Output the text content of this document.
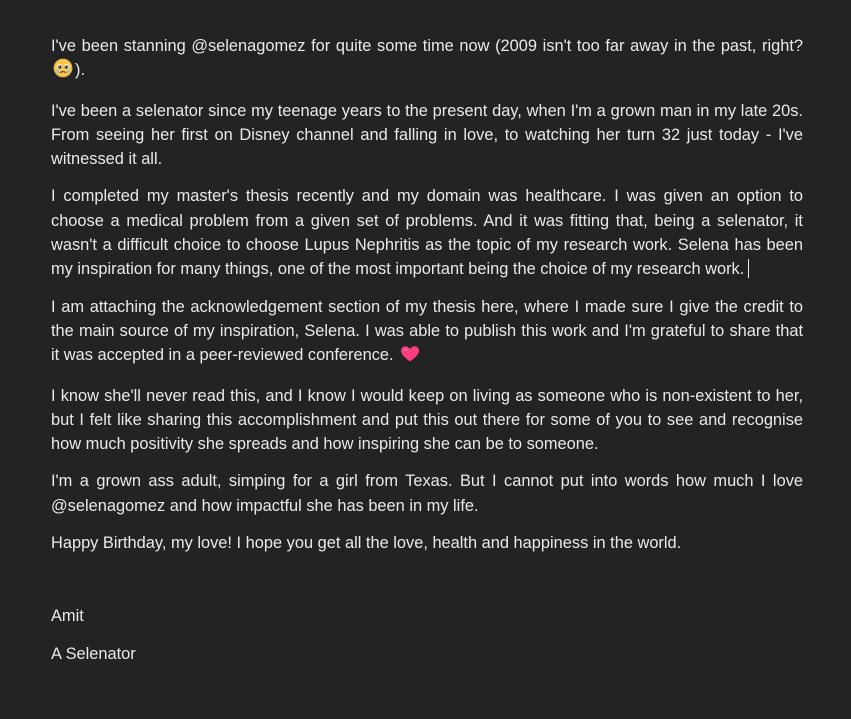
I've been stanning @selenagomez for quite some time now (2009 isn't too far away in the past, right? ).

I've been a selenator since my teenage years to the present day, when I'm a grown man in my late 20s. From seeing her first on Disney channel and falling in love, to watching her turn 32 just today - I've witnessed it all.

I completed my master's thesis recently and my domain was healthcare. I was given an option to choose a medical problem from a given set of problems. And it was fitting that, being a selenator, it wasn't a difficult choice to choose Lupus Nephritis as the topic of my research work. Selena has been my inspiration for many things, one of the most important being the choice of my research work.

I am attaching the acknowledgement section of my thesis here, where I made sure I give the credit to the main source of my inspiration, Selena. I was able to publish this work and I'm grateful to share that it was accepted in a peer-reviewed conference.

I know she'll never read this, and I know I would keep on living as someone who is non-existent to her, but I felt like sharing this accomplishment and put this out there for some of you to see and recognise how much positivity she spreads and how inspiring she can be to someone.

I'm a grown ass adult, simping for a girl from Texas. But I cannot put into words how much I love @selenagomez and how impactful she has been in my life.

Happy Birthday, my love! I hope you get all the love, health and happiness in the world.

Amit

A Selenator
